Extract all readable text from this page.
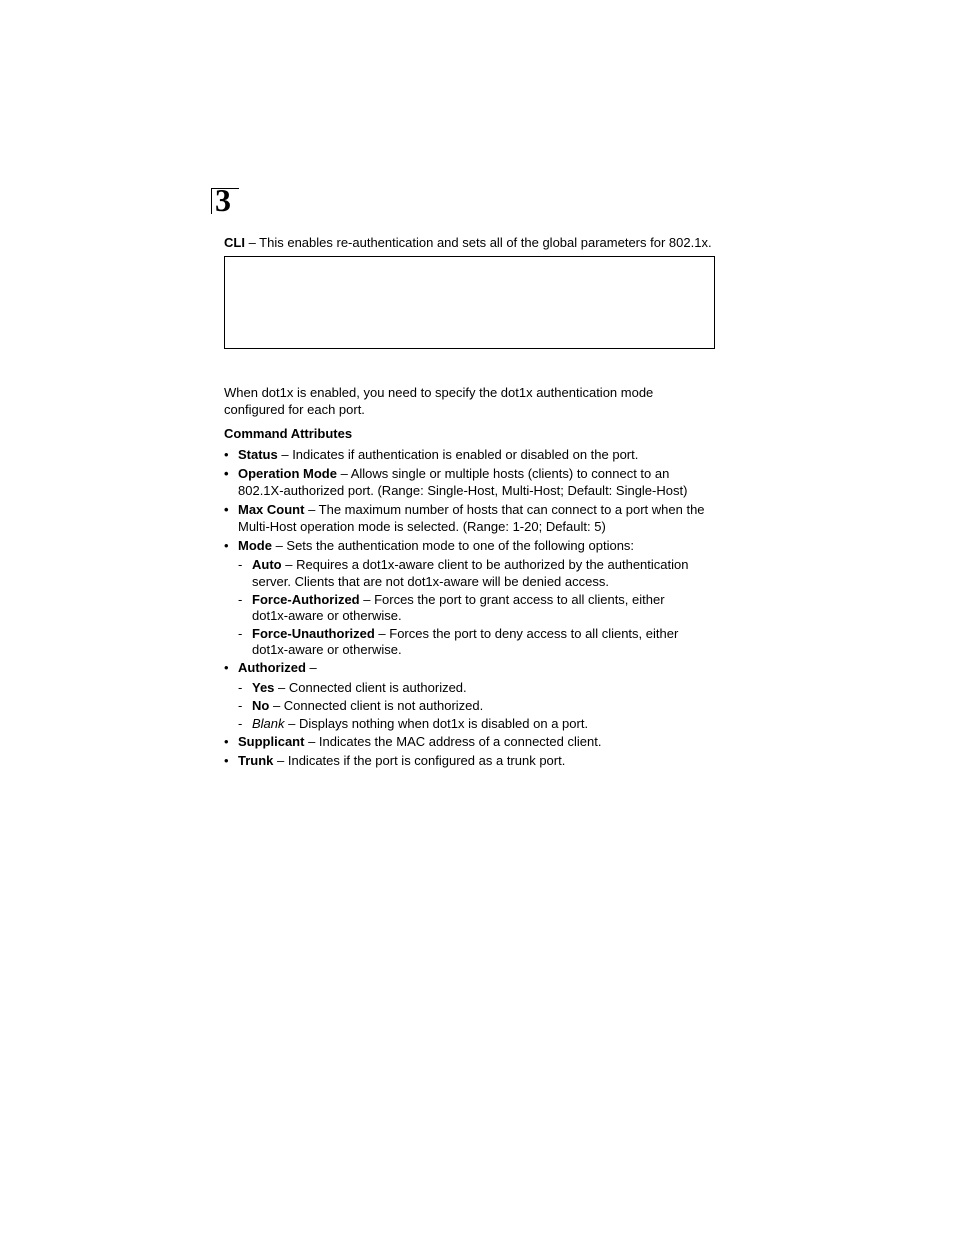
3
CLI – This enables re-authentication and sets all of the global parameters for 802.1x.

When dot1x is enabled, you need to specify the dot1x authentication mode

configured for each port.

Command Attributes
• Status – Indicates if authentication is enabled or disabled on the port.
• Operation Mode – Allows single or multiple hosts (clients) to connect to an
802.1X-authorized port. (Range: Single-Host, Multi-Host; Default: Single-Host)
• Max Count – The maximum number of hosts that can connect to a port when the
Multi-Host operation mode is selected. (Range: 1-20; Default: 5)
• Mode – Sets the authentication mode to one of the following options:
- Auto – Requires a dot1x-aware client to be authorized by the authentication
server. Clients that are not dot1x-aware will be denied access.
- Force-Authorized – Forces the port to grant access to all clients, either
dot1x-aware or otherwise.
- Force-Unauthorized – Forces the port to deny access to all clients, either
dot1x-aware or otherwise.
• Authorized –
- Yes – Connected client is authorized.
- No – Connected client is not authorized.
- Blank – Displays nothing when dot1x is disabled on a port.
• Supplicant – Indicates the MAC address of a connected client.
• Trunk – Indicates if the port is configured as a trunk port.
